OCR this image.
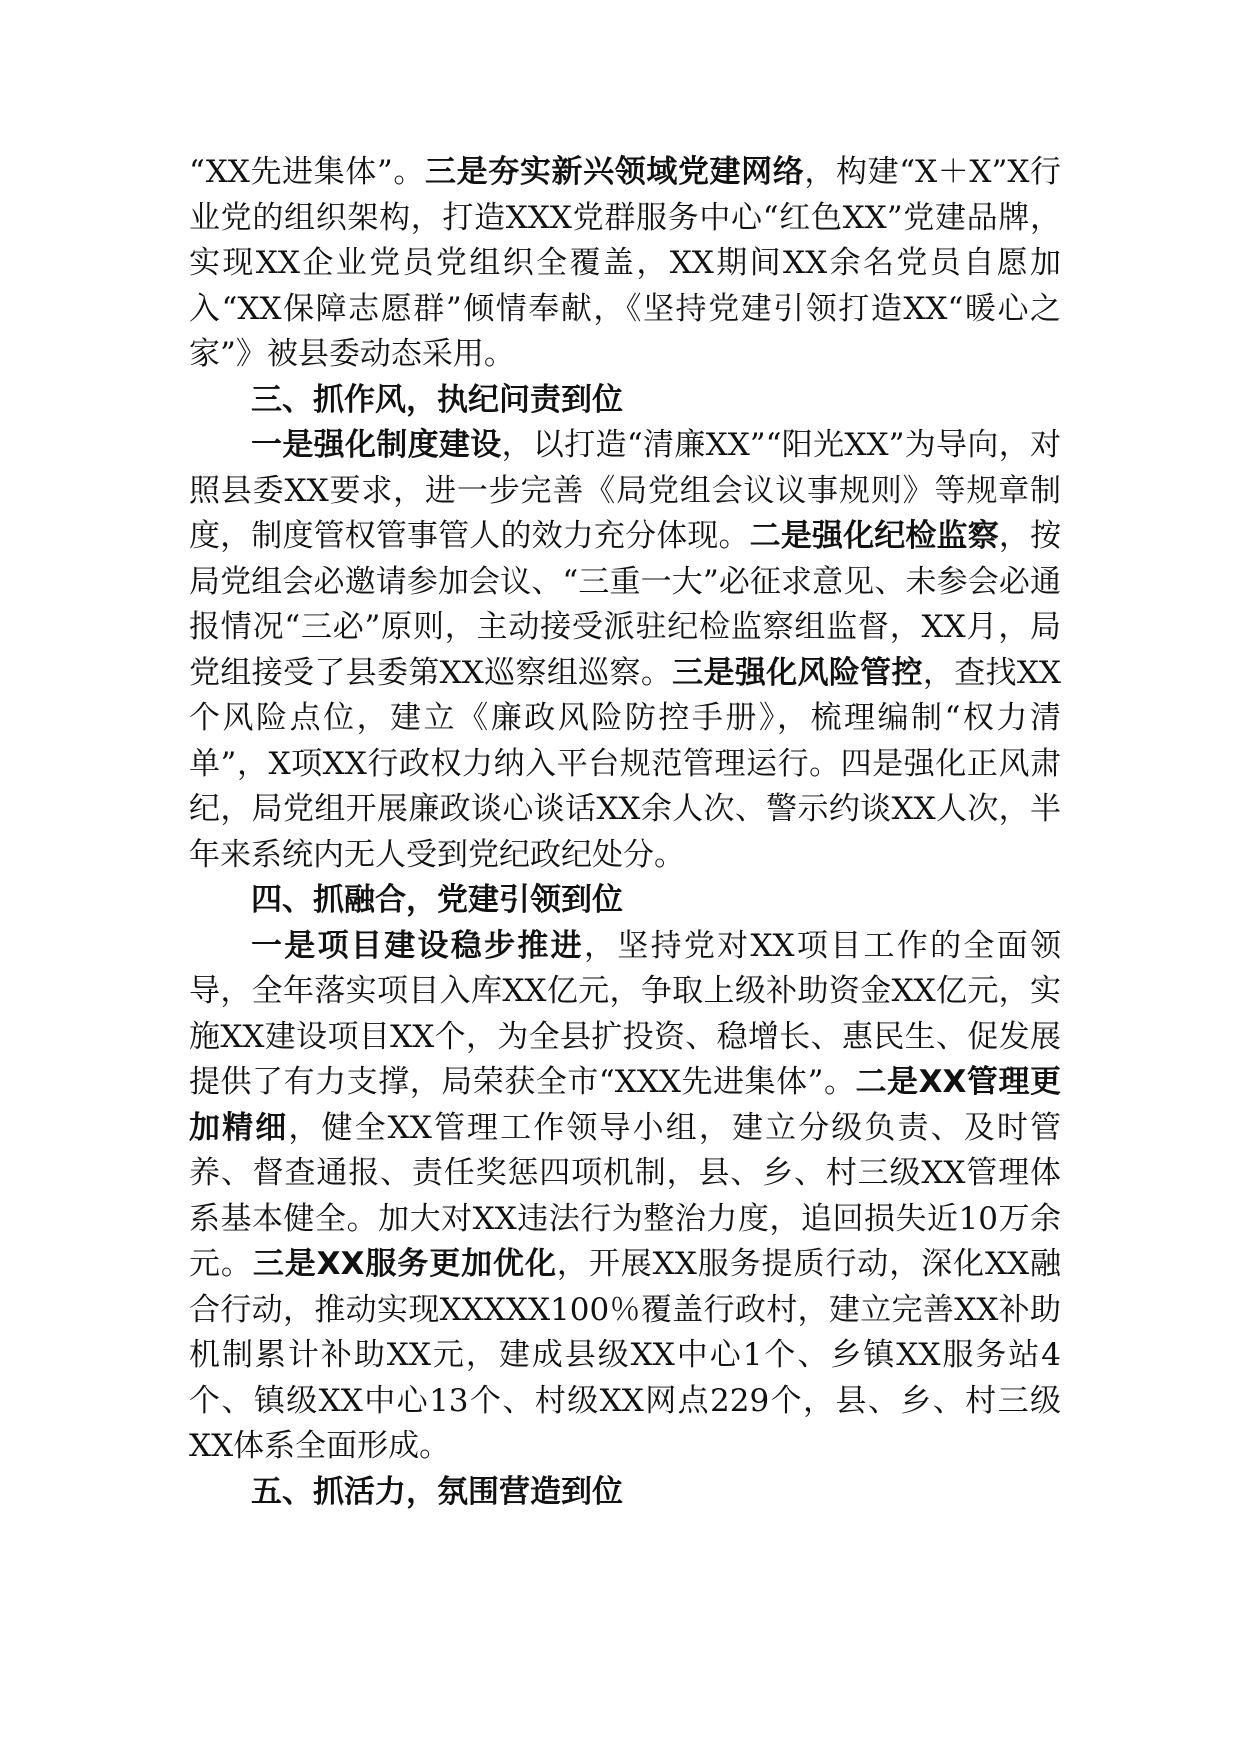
“XX先进集体”。三是夯实新兴领域党建网络，构建“X＋X”X行业党的组织架构，打造XXX党群服务中心“红色XX”党建品牌，实现XX企业党员党组织全覆盖，XX期间XX余名党员自愿加入“XX保障志愿群”倾情奉献，《坚持党建引领打造XX“暖心之家”》被县委动态采用。

三、抓作风，执纪问责到位

一是强化制度建设，以打造“清廉XX”“阳光XX”为导向，对照县委XX要求，进一步完善《局党组会议议事规则》等规章制度，制度管权管事管人的效力充分体现。二是强化纪检监察，按局党组会必邀请参加会议、“三重一大”必征求意见、未参会必通报情况“三必”原则，主动接受派驻纪检监察组监督，XX月，局党组接受了县委第XX巡察组巡察。三是强化风险管控，查找XX个风险点位，建立《廉政风险防控手册》，梳理编制“权力清单”，X项XX行政权力纳入平台规范管理运行。四是强化正风肃纪，局党组开展廉政谈心谈话XX余人次、警示约谈XX人次，半年来系统内无人受到党纪政纪处分。

四、抓融合，党建引领到位

一是项目建设稳步推进，坚持党对XX项目工作的全面领导，全年落实项目入库XX亿元，争取上级补助资金XX亿元，实施XX建设项目XX个，为全县扩投资、稳增长、惠民生、促发展提供了有力支撑，局荣获全市“XXX先进集体”。二是XX管理更加精细，健全XX管理工作领导小组，建立分级负责、及时管养、督查通报、责任奖惩四项机制，县、乡、村三级XX管理体系基本健全。加大对XX违法行为整治力度，追回损失近10万余元。三是XX服务更加优化，开展XX服务提质行动，深化XX融合行动，推动实现XXXXX100％覆盖行政村，建立完善XX补助机制累计补助XX元，建成县级XX中心1个、乡镇XX服务站4个、镇级XX中心13个、村级XX网点229个，县、乡、村三级XX体系全面形成。

五、抓活力，氛围营造到位
